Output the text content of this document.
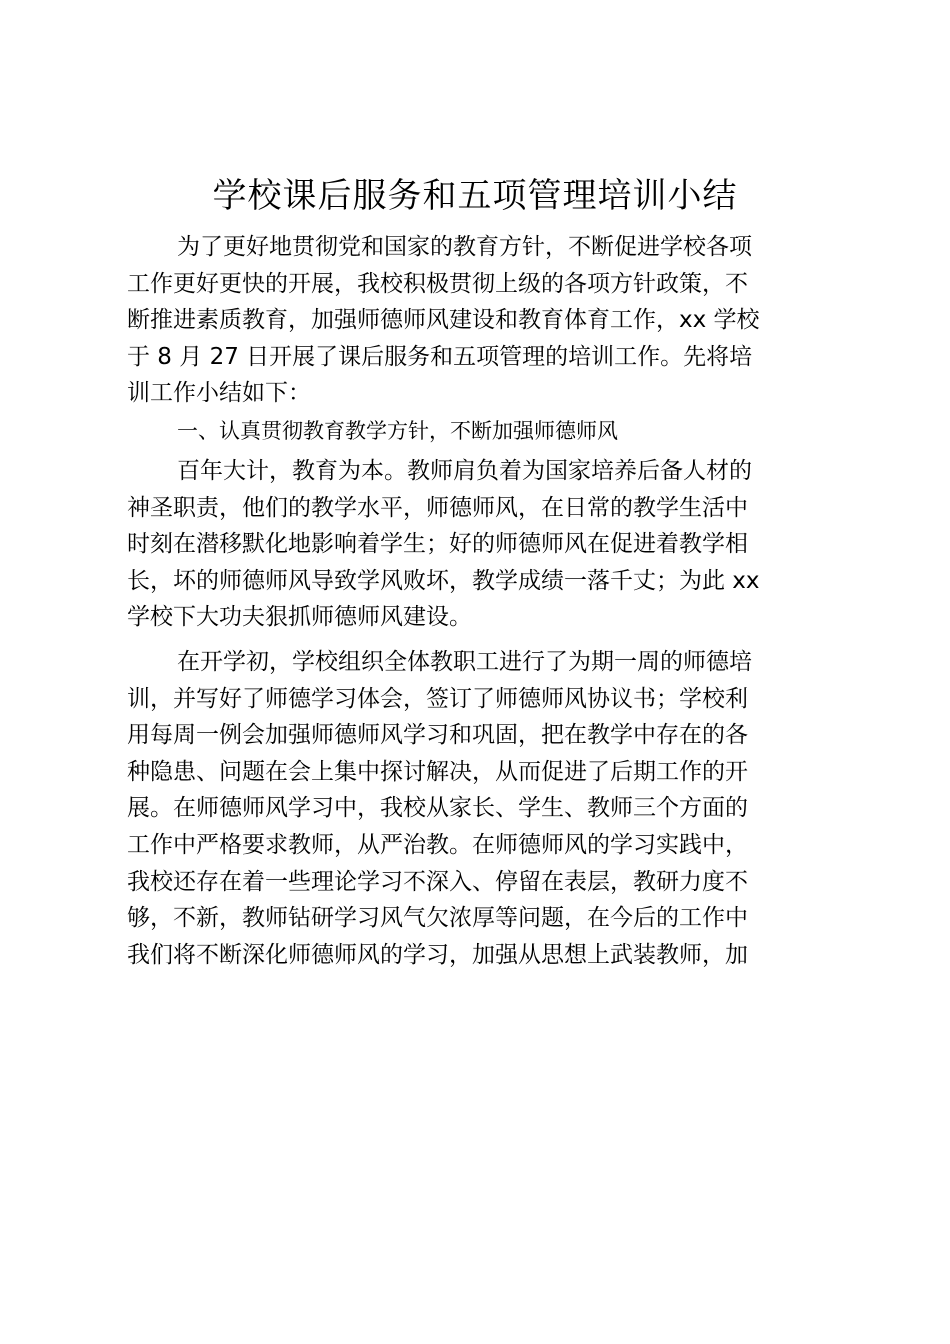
学校课后服务和五项管理培训小结
为了更好地贯彻党和国家的教育方针，不断促进学校各项
工作更好更快的开展，我校积极贯彻上级的各项方针政策，不
断推进素质教育，加强师德师风建设和教育体育工作，xx 学校
于 8 月 27 日开展了课后服务和五项管理的培训工作。先将培
训工作小结如下：
一、认真贯彻教育教学方针，不断加强师德师风
百年大计，教育为本。教师肩负着为国家培养后备人材的
神圣职责，他们的教学水平，师德师风，在日常的教学生活中
时刻在潜移默化地影响着学生；好的师德师风在促进着教学相
长，坏的师德师风导致学风败坏，教学成绩一落千丈；为此 xx
学校下大功夫狠抓师德师风建设。
在开学初，学校组织全体教职工进行了为期一周的师德培
训，并写好了师德学习体会，签订了师德师风协议书；学校利
用每周一例会加强师德师风学习和巩固，把在教学中存在的各
种隐患、问题在会上集中探讨解决，从而促进了后期工作的开
展。在师德师风学习中，我校从家长、学生、教师三个方面的
工作中严格要求教师，从严治教。在师德师风的学习实践中，
我校还存在着一些理论学习不深入、停留在表层，教研力度不
够，不新，教师钻研学习风气欠浓厚等问题，在今后的工作中
我们将不断深化师德师风的学习，加强从思想上武装教师，加
